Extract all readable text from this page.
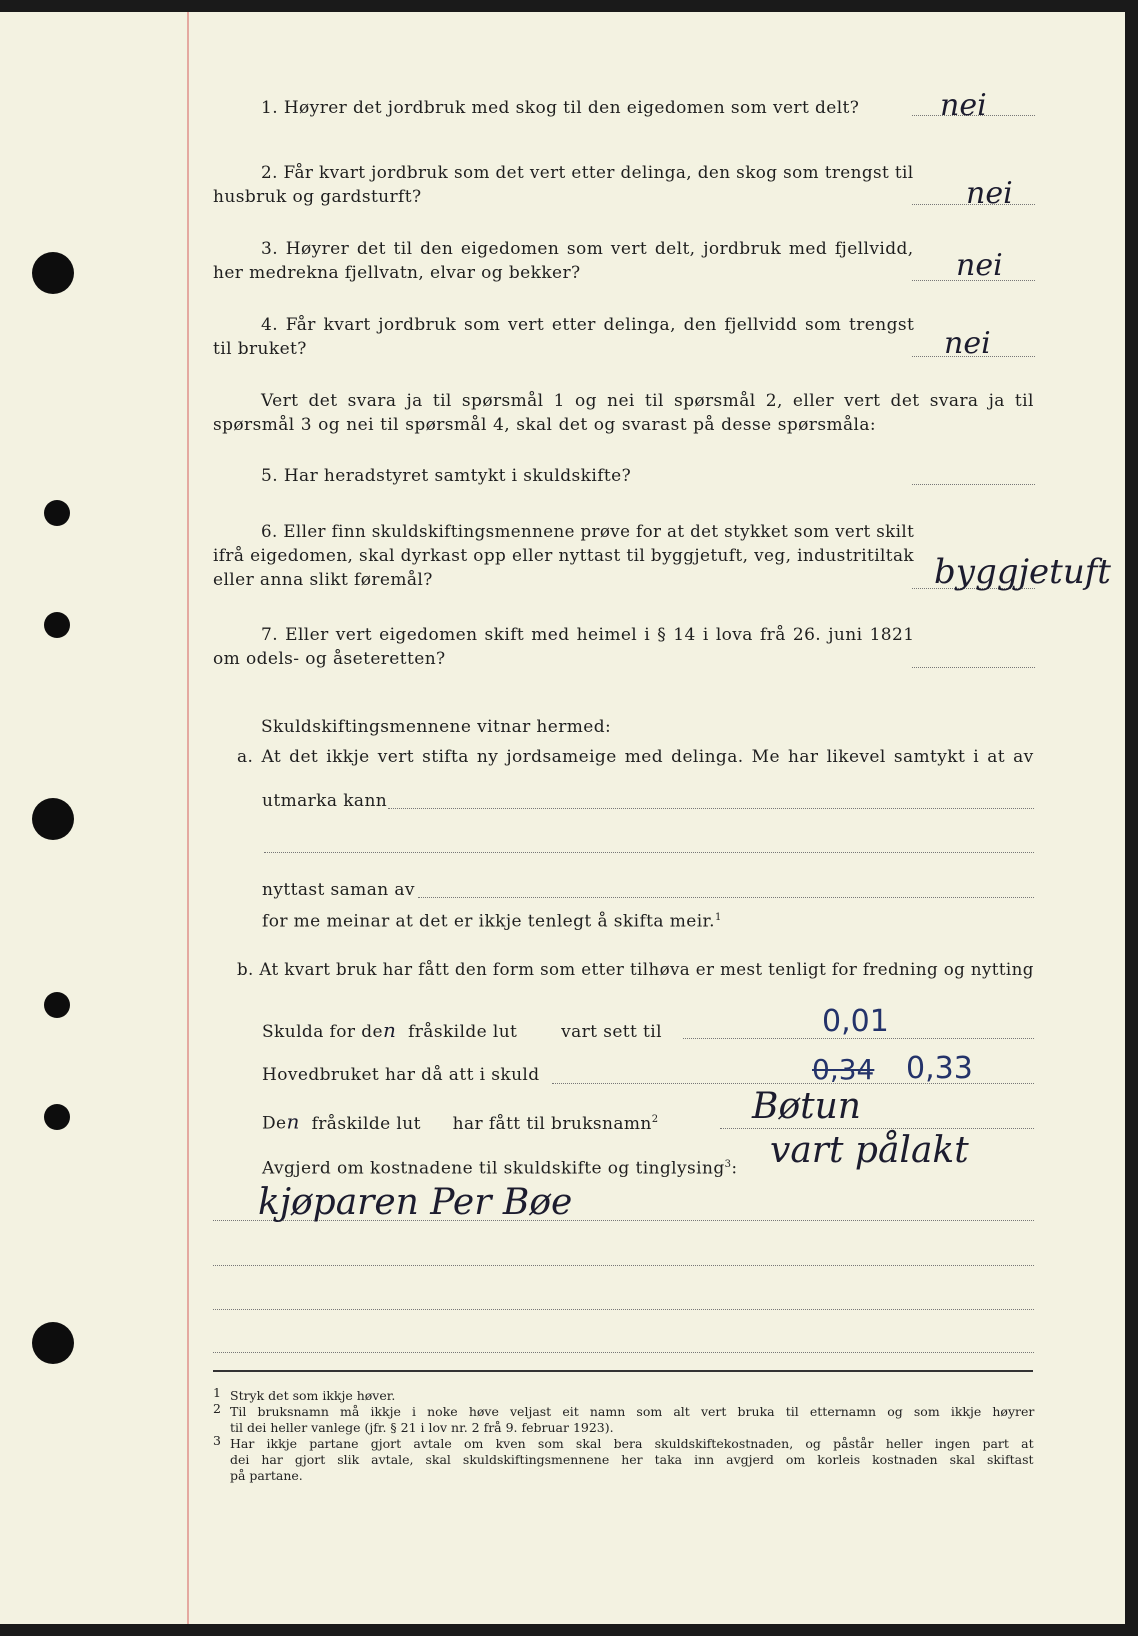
1. Høyrer det jordbruk med skog til den eigedomen som vert delt?	nei
2. Får kvart jordbruk som det vert etter delinga, den skog som trengst til
husbruk og gardsturft?	nei
3. Høyrer det til den eigedomen som vert delt, jordbruk med fjellvidd,
her medrekna fjellvatn, elvar og bekker?	nei
4. Får kvart jordbruk som vert etter delinga, den fjellvidd som trengst
til bruket?	nei
Vert det svara ja til spørsmål 1 og nei til spørsmål 2, eller vert det svara ja til
spørsmål 3 og nei til spørsmål 4, skal det og svarast på desse spørsmåla:
5. Har heradstyret samtykt i skuldskifte?
6. Eller finn skuldskiftingsmennene prøve for at det stykket som vert skilt
ifrå eigedomen, skal dyrkast opp eller nyttast til byggjetuft, veg, industritiltak
eller anna slikt føremål?	byggjetuft
7. Eller vert eigedomen skift med heimel i § 14 i lova frå 26. juni 1821
om odels- og åseteretten?
Skuldskiftingsmennene vitnar hermed:
a. At det ikkje vert stifta ny jordsameige med delinga. Me har likevel samtykt i at av
utmarka kann
nyttast saman av
for me meinar at det er ikkje tenlegt å skifta meir.$^1$
b. At kvart bruk har fått den form som etter tilhøva er mest tenligt for fredning og nytting
Skulda for den fråskilde lut	vart sett til	0,01
Hovedbruket har då att i skuld	0,34 0,33
Den fråskilde lut har fått til bruksnamn$^2$	Bøtun
Avgjerd om kostnadene til skuldskifte og tinglysing$^3$: vart pålakt
kjøparen Per Bøe
1 Stryk det som ikkje høver.
2 Til bruksnamn må ikkje i noke høve veljast eit namn som alt vert bruka til etternamn og som ikkje høyrer
til dei heller vanlege (jfr. § 21 i lov nr. 2 frå 9. februar 1923).
3 Har ikkje partane gjort avtale om kven som skal bera skuldskiftekostnaden, og påstår heller ingen part at
dei har gjort slik avtale, skal skuldskiftingsmennene her taka inn avgjerd om korleis kostnaden skal skiftast
på partane.
